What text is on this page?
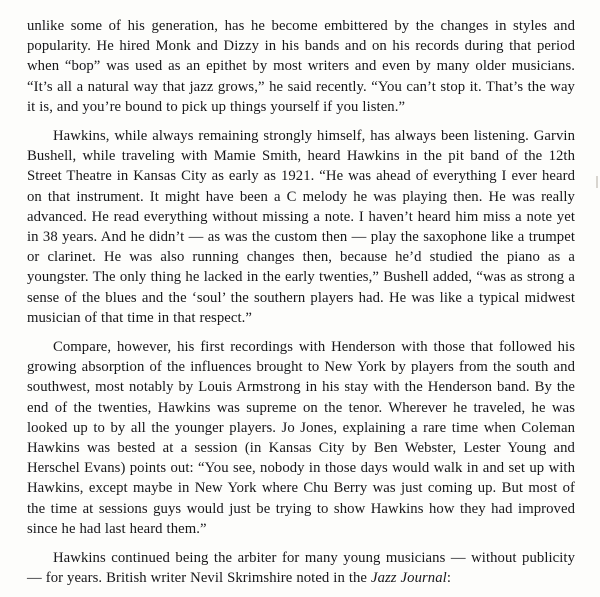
unlike some of his generation, has he become embittered by the changes in styles and popularity. He hired Monk and Dizzy in his bands and on his records during that period when “bop” was used as an epithet by most writers and even by many older musicians. “It’s all a natural way that jazz grows,” he said recently. “You can’t stop it. That’s the way it is, and you’re bound to pick up things yourself if you listen.”

Hawkins, while always remaining strongly himself, has always been listening. Garvin Bushell, while traveling with Mamie Smith, heard Hawkins in the pit band of the 12th Street Theatre in Kansas City as early as 1921. “He was ahead of everything I ever heard on that instrument. It might have been a C melody he was playing then. He was really advanced. He read everything without missing a note. I haven’t heard him miss a note yet in 38 years. And he didn’t — as was the custom then — play the saxophone like a trumpet or clarinet. He was also running changes then, because he’d studied the piano as a youngster. The only thing he lacked in the early twenties,” Bushell added, “was as strong a sense of the blues and the ‘soul’ the southern players had. He was like a typical midwest musician of that time in that respect.”

Compare, however, his first recordings with Henderson with those that followed his growing absorption of the influences brought to New York by players from the south and southwest, most notably by Louis Armstrong in his stay with the Henderson band. By the end of the twenties, Hawkins was supreme on the tenor. Wherever he traveled, he was looked up to by all the younger players. Jo Jones, explaining a rare time when Coleman Hawkins was bested at a session (in Kansas City by Ben Webster, Lester Young and Herschel Evans) points out: “You see, nobody in those days would walk in and set up with Hawkins, except maybe in New York where Chu Berry was just coming up. But most of the time at sessions guys would just be trying to show Hawkins how they had improved since he had last heard them.”

Hawkins continued being the arbiter for many young musicians — without publicity — for years. British writer Nevil Skrimshire noted in the Jazz Journal:
